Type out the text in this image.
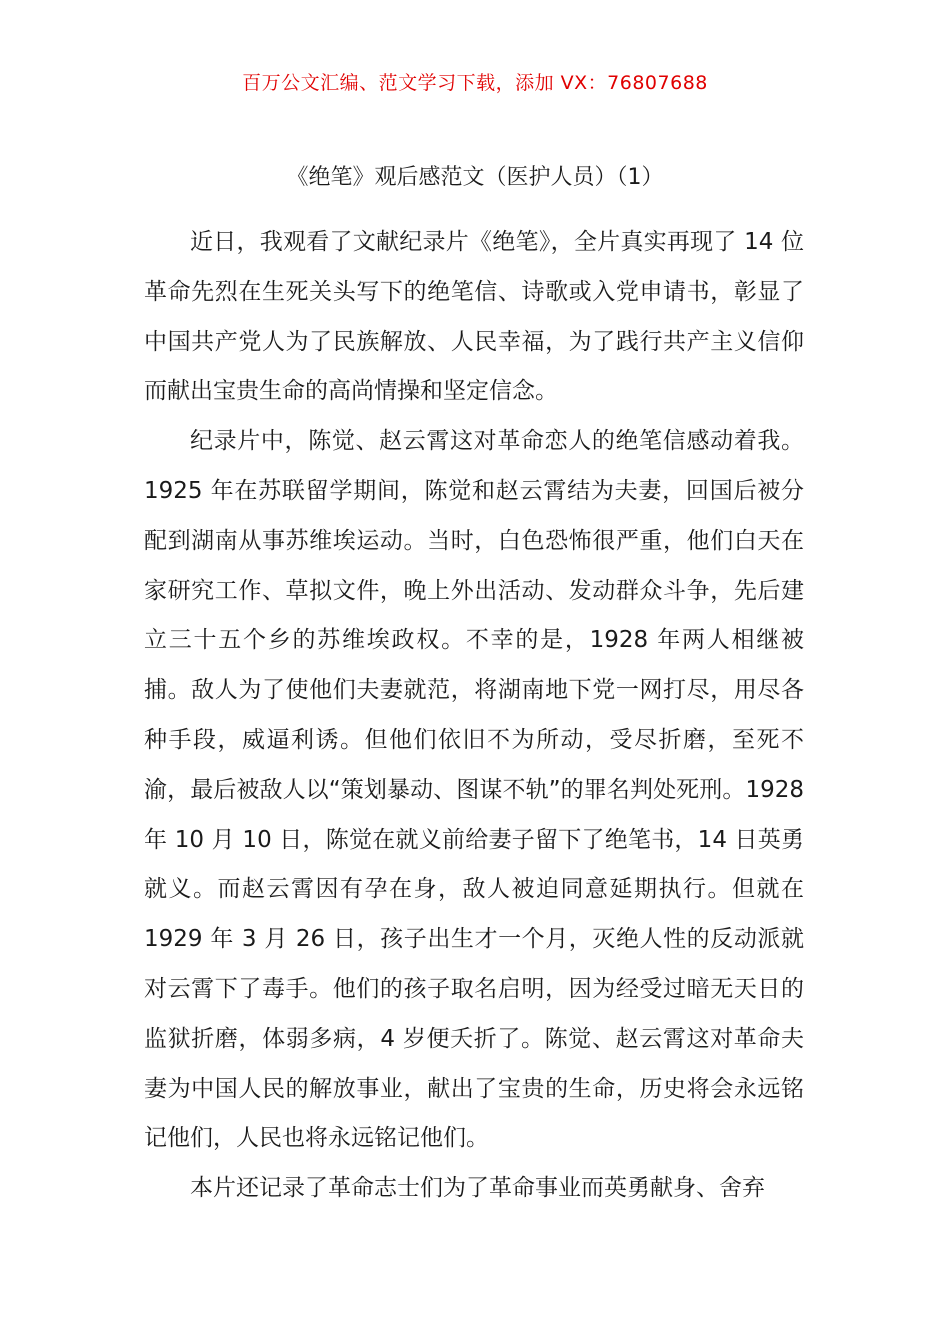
百万公文汇编、范文学习下载，添加 VX：76807688
《绝笔》观后感范文（医护人员）（1）

近日，我观看了文献纪录片《绝笔》，全片真实再现了 14 位革命先烈在生死关头写下的绝笔信、诗歌或入党申请书，彰显了中国共产党人为了民族解放、人民幸福，为了践行共产主义信仰而献出宝贵生命的高尚情操和坚定信念。

纪录片中，陈觉、赵云霄这对革命恋人的绝笔信感动着我。1925 年在苏联留学期间，陈觉和赵云霄结为夫妻，回国后被分配到湖南从事苏维埃运动。当时，白色恐怖很严重，他们白天在家研究工作、草拟文件，晚上外出活动、发动群众斗争，先后建立三十五个乡的苏维埃政权。不幸的是，1928 年两人相继被捕。敌人为了使他们夫妻就范，将湖南地下党一网打尽，用尽各种手段，威逼利诱。但他们依旧不为所动，受尽折磨，至死不渝，最后被敌人以“策划暴动、图谋不轨”的罪名判处死刑。1928 年 10 月 10 日，陈觉在就义前给妻子留下了绝笔书，14 日英勇就义。而赵云霄因有孕在身，敌人被迫同意延期执行。但就在 1929 年 3 月 26 日，孩子出生才一个月，灭绝人性的反动派就对云霄下了毒手。他们的孩子取名启明，因为经受过暗无天日的监狱折磨，体弱多病，4 岁便夭折了。陈觉、赵云霄这对革命夫妻为中国人民的解放事业，献出了宝贵的生命，历史将会永远铭记他们，人民也将永远铭记他们。

本片还记录了革命志士们为了革命事业而英勇献身、舍弃
